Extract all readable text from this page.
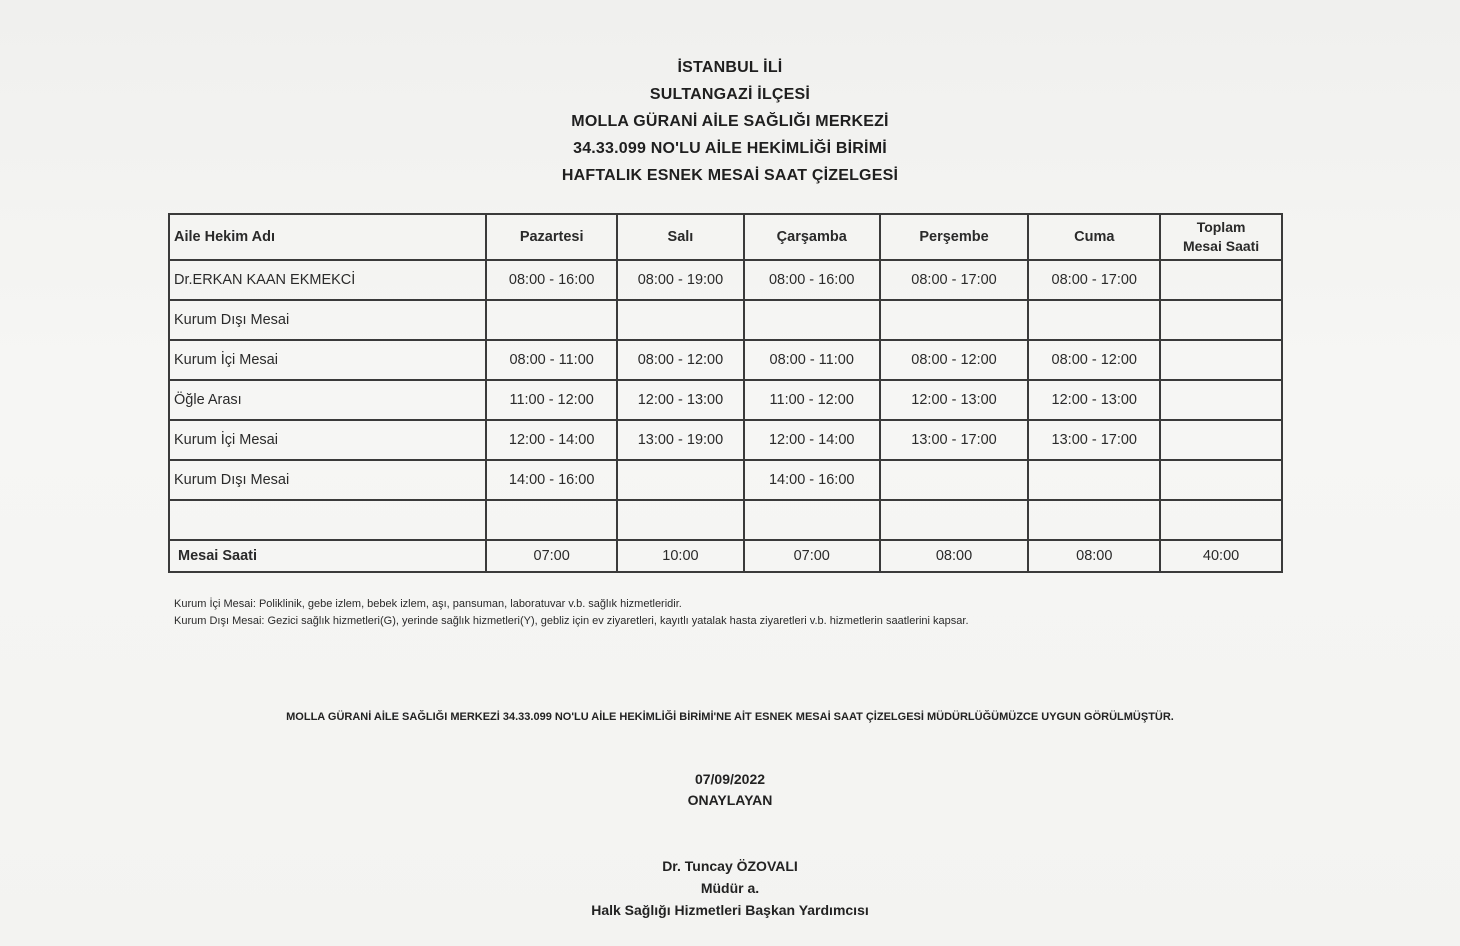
İSTANBUL İLİ
SULTANGAZİ İLÇESİ
MOLLA GÜRANİ AİLE SAĞLIĞI MERKEZİ
34.33.099 NO'LU AİLE HEKİMLİĞİ BİRİMİ
HAFTALIK ESNEK MESAİ SAAT ÇİZELGESİ
Aile Hekim Adı	Pazartesi	Salı	Çarşamba	Perşembe	Cuma	Toplam
Mesai Saati

Dr.ERKAN KAAN EKMEKCİ	08:00 - 16:00	08:00 - 19:00	08:00 - 16:00	08:00 - 17:00	08:00 - 17:00	
Kurum Dışı Mesai						
Kurum İçi Mesai	08:00 - 11:00	08:00 - 12:00	08:00 - 11:00	08:00 - 12:00	08:00 - 12:00	
Öğle Arası	11:00 - 12:00	12:00 - 13:00	11:00 - 12:00	12:00 - 13:00	12:00 - 13:00	
Kurum İçi Mesai	12:00 - 14:00	13:00 - 19:00	12:00 - 14:00	13:00 - 17:00	13:00 - 17:00	
Kurum Dışı Mesai	14:00 - 16:00		14:00 - 16:00			

Mesai Saati	07:00	10:00	07:00	08:00	08:00	40:00
Kurum İçi Mesai: Poliklinik, gebe izlem, bebek izlem, aşı, pansuman, laboratuvar v.b. sağlık hizmetleridir.
Kurum Dışı Mesai: Gezici sağlık hizmetleri(G), yerinde sağlık hizmetleri(Y), gebliz için ev ziyaretleri, kayıtlı yatalak hasta ziyaretleri v.b. hizmetlerin saatlerini kapsar.
MOLLA GÜRANİ AİLE SAĞLIĞI MERKEZİ 34.33.099 NO'LU AİLE HEKİMLİĞİ BİRİMİ'NE AİT ESNEK MESAİ SAAT ÇİZELGESİ MÜDÜRLÜĞÜMÜZCE UYGUN GÖRÜLMÜŞTÜR.
07/09/2022
ONAYLAYAN
Dr. Tuncay ÖZOVALI
Müdür a.
Halk Sağlığı Hizmetleri Başkan Yardımcısı
